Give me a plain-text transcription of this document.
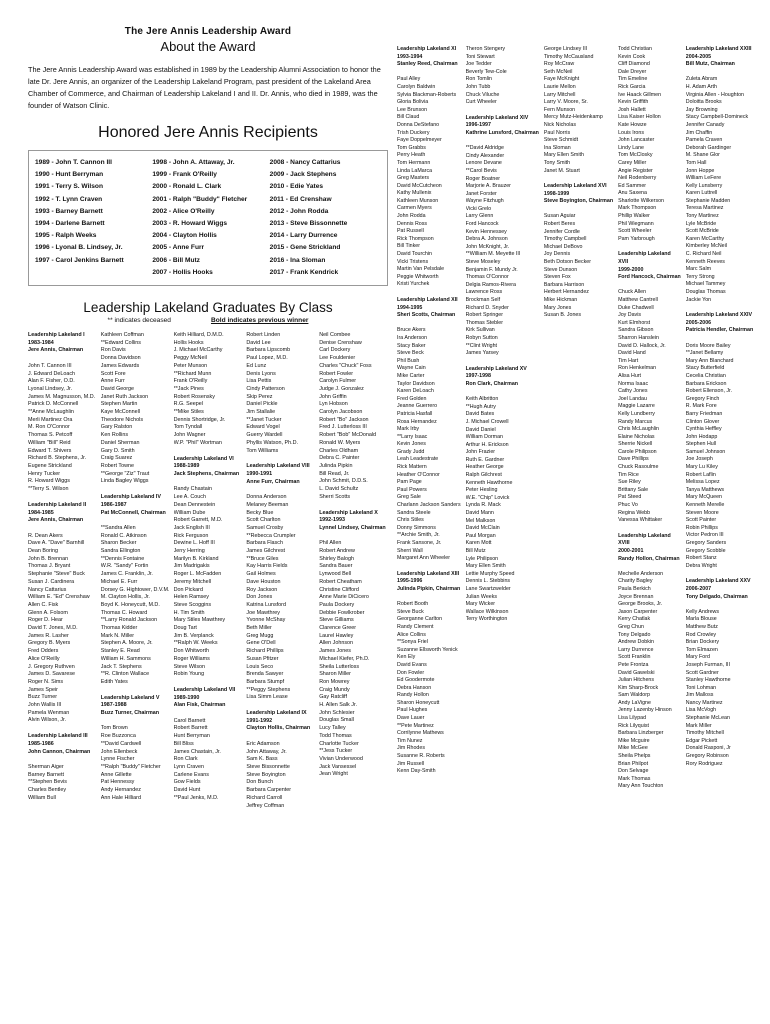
The Jere Annis Leadership Award
About the Award
The Jere Annis Leadership Award was established in 1989 by the Leadership Alumni Association to honor the late Dr. Jere Annis, an organizer of the Leadership Lakeland Program, past president of the Lakeland Area Chamber of Commerce, and Chairman of Leadership Lakeland I and II. Dr. Annis, who died in 1989, was the founder of Watson Clinic.
Honored Jere Annis Recipients
1989 - John T. Cannon III
1990 - Hunt Berryman
1991 - Terry S. Wilson
1992 - T. Lynn Craven
1993 - Barney Barnett
1994 - Darlene Barnett
1995 - Ralph Weeks
1996 - Lyonal B. Lindsey, Jr.
1997 - Carol Jenkins Barnett
1998 - John A. Attaway, Jr.
1999 - Frank O'Reilly
2000 - Ronald L. Clark
2001 - Ralph "Buddy" Fletcher
2002 - Alice O'Reilly
2003 - R. Howard Wiggs
2004 - Clayton Hollis
2005 - Anne Furr
2006 - Bill Mutz
2007 - Hollis Hooks
2008 - Nancy Cattarius
2009 - Jack Stephens
2010 - Edie Yates
2011 - Ed Crenshaw
2012 - John Rodda
2013 - Steve Bissonnette
2014 - Larry Durrence
2015 - Gene Strickland
2016 - Ina Sloman
2017 - Frank Kendrick
Leadership Lakeland Graduates By Class
** indicates deceased	Bold indicates previous winner
Leadership Lakeland I
1983-1984
Jere Annis, Chairman

John T. Cannon III
J. Edward DeLoach
Alan F. Fisher, O.D.
Lyonal Lindsey, Jr.
James M. Magnusson, M.D.
Patrick D. McConnell
**Anne McLaughlin
Merli Martinez Ora
M. Ron O'Connor
Thomas S. Petcoff
William "Bill" Reid
Edward T. Shivers
Richard B. Stephens, Jr.
Eugene Strickland
Henry Tucker
R. Howard Wiggs
**Terry S. Wilson
Leadership Lakeland II
1984-1985
Jere Annis, Chairman

R. Dean Akers
Dave A. "Dave" Barnhill
Dean Boring
John B. Brennan
Thomas J. Bryant
Stephanie "Steve" Buck
Susan J. Cardinera
Nancy Cattarius
William E. "Ed" Crenshaw
Allen C. Fisk
Glenn A. Folsom
Roger D. Hear
David T. Jones, M.D.
James R. Lasher
Gregory B. Myers
Fred Odders
Alice O'Reilly
J. Gregory Ruthven
James D. Savarese
Roger N. Sims
James Speir
Buzz Turner
John Wallis III
Pamela Wenman
Alvin Wilson, Jr.
Leadership Lakeland III
1985-1986
John Cannon, Chairman

Sherman Aiger
Barney Barnett
**Stephen Bevis
Charles Bentley
William Bull
Kathleen Coffman
**Edward Collins
Ron Davis
Donna Davidson
James Edwards
Scott Fore
Anne Furr
David George
Janet Ruth Jackson
Stephen Martin
Kaye McConnell
Theodore Nichols
Gary Ralston
Ken Rollins
Daniel Sherman
Gary D. Smith
Craig Suarez
Robert Towne
**George "Ziz" Traut
Linda Bagley Wiggs
Leadership Lakeland IV
1986-1987
Pat McConnell, Chairman

**Sandra Allen
Ronald C. Atkinson
Sharon Becker
Sandra Ellington
**Dennis Fontaine
W.R. "Sandy" Fortin
James C. Franklin, Jr.
Michael E. Furr
Dorsey G. Hightower, D.V.M.
M. Clayton Hollis, Jr.
Boyd K. Honeycutt, M.D.
Thomas C. Howard
**Larry Ronald Jackson
Thomas Kidder
Mark N. Miller
Stephen A. Moore, Jr.
Stanley E. Read
William H. Sammons
Jack T. Stephens
**R. Clinton Wallace
Edith Yates
Leadership Lakeland V
1987-1988
Buzz Turner, Chairman

Tom Brown
Roe Buzzonca
**David Cardwell
John Ellenbeck
Lynne Fischer
**Ralph "Buddy" Fletcher
Anne Gillette
Pat Hennessy
Andy Hernandez
Ann Hale Hilliard
Keith Hilliard, D.M.D.
Hollis Hooks
J. Michael McCarthy
Peggy McNeil
Peter Munson
**Richard Munn
Frank O'Reilly
**Jack Pines
Robert Rosensky
R.G. Seepel
**Mike Stiles
Dennis Shortridge, Jr.
Tom Tyndall
John Wagner
W.P. "Phil" Wortman
Leadership Lakeland VI
1988-1989
Jack Stephens, Chairman

Randy Chastain
Lee A. Couch
Dean Dennestein
William Dube
Robert Garrett, M.D.
Jack English III
Rick Ferguson
Dewine L. Hoff III
Jerry Herring
Marilyn B. Kirkland
Jim Madrigakis
Roger L. McFadden
Jeremy Mitchell
Don Pickard
Helen Ramsey
Steve Scoggins
H. Tim Smith
Mary Stiles Mawthrey
Doug Tart
Jim B. Verplanck
**Ralph W. Weeks
Don Whitworth
Roger Williams
Steve Wilson
Robin Young
Leadership Lakeland VII
1989-1990
Alan Fisk, Chairman

Carol Barnett
Robert Barrett
Hunt Berryman
Bill Bliss
James Chastain, Jr.
Ron Clark
Lynn Craven
Carlene Evans
Gow Fields
David Hunt
**Paul Jenks, M.D.
Robert Linden
David Lee
Barbara Lipscomb
Paul Lopez, M.D.
Ed Lunz
Denis Lyons
Lisa Pettis
Cindy Patterson
Skip Perez
Daniel Pickle
Jim Stallalie
**Janet Tucker
Edward Vogel
Guerry Wardell
Phyllis Watson, Ph.D.
Tom Williams
Leadership Lakeland VIII
1990-1991
Anne Furr, Chairman

Donna Anderson
Melaney Beeman
Becky Blue
Scott Charlton
Samuel Crosby
**Rebecca Crumpler
Barbara Flasch
James Gilchrest
**Bruce Giles
Kay Harris Fields
Gail Holmes
Dave Houston
Roy Jackson
Don Jones
Katrina Lunsford
Joe Mawthrey
Yvonne McShay
Beth Miller
Greg Mugg
Gene O'Dell
Richard Phillips
Susan Pfitzer
Louis Seco
Brenda Sawyer
Barbara Stumpf
**Peggy Stephens
Lisa Simm Lease
Leadership Lakeland IX
1991-1992
Clayton Hollis, Chairman

Eric Adamson
John Attaway, Jr.
Sam K. Bass
Steve Bissonnette
Steve Boyington
Don Bunch
Barbara Carpenter
Richard Carroll
Jeffrey Coffman
Neil Combee
Denise Crenshaw
Carl Dockery
Lee Fouldenier
Charles "Chuck" Foss
Robert Fowler
Carolyn Fulmer
Judge J. Gonzalez
John Griffin
Lyn Hobson
Carolyn Jacobson
Robert "Bo" Jackson
Fred J. Lutterloss III
Robert "Bob" McDonald
Ronald W. Myers
Charles Oldham
Debra C. Painter
Julinda Pipkin
Bill Read, Jr.
John Schmit, D.D.S.
L. David Schultz
Sherri Scotts
Leadership Lakeland X
1992-1993
Lynnel Lindsey, Chairman

Phil Allen
Robert Andrew
Shirley Balogh
Sandra Bauer
Lynwood Bell
Robert Cheatham
Christine Clifford
Anne Marie DiCicero
Paula Dockery
Debbie Fowlkrober
Steve Gilliams
Clarence Greer
Laurel Hawley
Allen Johnson
James Jones
Michael Kiefer, Ph.D.
Sheila Lutterloss
Sharon Miller
Ron Mowrey
Craig Mundy
Gay Ratcliff
H. Allen Salk Jr.
John Schlesier
Douglas Small
Lucy Talley
Todd Thomas
Charlotte Tucker
**Jess Tucker
Vivian Underwood
Jack Vansessel
Jean Wright
Leadership Lakeland XI
1993-1994
Stanley Reed, Chairman

Paul Alley
Carolyn Baldwin
Sylvia Blackman-Roberts
Gloria Bolivia
Lee Brunson
Bill Claud
Donna DeStefano
Trish Duckery
Faye Doppelmeyer
Tom Grabbs
Perry Heath
Tom Hermann
Linda LaMarca
Greg Masters
David McCutcheon
Kathy Mullenix
Kathleen Munson
Carmen Myers
John Rodda
Dennis Ross
Pat Russell
Rick Thompson
Bill Tinker
David Tourchin
Vicki Tristens
Martin Van Pelsdale
Peggie Whitworth
Kristi Yurchek
Leadership Lakeland XII
1994-1995
Sheri Scotts, Chairman

Bruce Akers
Ira Anderson
Stacy Baker
Steve Beck
Phil Bush
Wayne Cain
Mike Carter
Taylor Davidson
Karen DeLoach
Fred Golden
Jeanne Guerrero
Patricia Hasfall
Rosa Hernandez
Mark Irby
**Larry Isaac
Kevin Jones
Grady Judd
Leah Leadestrate
Rick Mattern
Heather O'Connor
Pam Page
Paul Powers
Greg Sale
Charlann Jackson Sanders
Sandra Steele
Chris Stiles
Donny Simmons
**Archie Smith, Jr.
Frank Sansone, Jr.
Sherri Wall
Margaret Ann Wheeler
Leadership Lakeland XIII
1995-1996
Julinda Pipkin, Chairman

Robert Booth
Steve Buck
Georganne Carlton
Randy Clement
Alice Collins
**Sonya Friel
Suzanne Ellsworth Yenick
Ken Ely
David Evans
Don Fowler
Ed Goodermote
Debra Hanson
Randy Hollon
Sharon Honeycutt
Paul Hughes
Dave Lauer
**Pete Martinez
Corrilynne Mathews
Tim Nunez
Jim Rhodes
Susanne R. Roberts
Jim Russell
Kenn Day-Smith
Theron Stengery
Toni Stewart
Joe Tedder
Beverly Tew-Cole
Ron Tomlin
John Tubb
Chuck Viluche
Curt Wheeler
Leadership Lakeland XIV
1996-1997
Kathrine Lunsford, Chairman

**David Aldridge
Cindy Alexander
Lenore Devane
**Carol Bevis
Roger Boatner
Marjorie A. Brauzer
Janet Forster
Wayne Fitzhugh
Vicki Grelo
Larry Glenn
Ford Hancock
Kevin Hennessey
Debra A. Johnson
John McKnight, Jr.
**William M. Meyette III
Steve Moseley
Benjamin F. Mundy Jr.
Thomas O'Connor
Delgia Ramos-Rivera
Lawrence Ross
Brockman Self
Richard D. Snyder
Robert Springer
Thomas Stebler
Kirk Sullivan
Robyn Sutton
**Clint Wright
James Yarsey
Leadership Lakeland XV
1997-1998
Ron Clark, Chairman

Keith Albritton
**Hugh Autry
David Bates
J. Michael Crowell
David Daniel
William Dorman
Arthur H. Erickson
John Frazier
Ruth E. Gardner
Heather George
Ralph Gilchrest
Kenneth Hawthorne
Peter Hesling
W.E. "Chip" Lovick
Lynda R. Mack
David Mann
Mel Malkson
David McClain
Paul Morgan
Karen Mott
Bill Mutz
Lyle Philipson
Mary Ellen Smith
Lettie Murphy Speed
Dennis L. Stebbins
Lane Swartzwelder
Julian Weeks
Mary Wicker
Wallace Wilkinson
Terry Worthington
George Lindsey III
Timothy McCausland
Roy McCraw
Seth McNeil
Faye McKnight
Laurie Mellon
Larry Mitchell
Larry V. Moore, Sr.
Fern Munson
Mercy Mutz-Heidenkamp
Nick Nicholas
Paul Norris
Steve Schmidt
Ina Sloman
Mary Ellen Smith
Tony Smith
Janet M. Stuart
Leadership Lakeland XVI
1998-1999
Steve Boyington, Chairman

Susan Aguiar
Robert Beres
Jennifer Cordle
Timothy Campbell
Michael DeBovo
Joy Dennis
Beth Dotson Becker
Steve Dunson
Steven Fox
Barbara Harrison
Herbert Hernandez
Mike Hickman
Mary Jones
Susan B. Jones
Todd Christian
Kevin Cook
Cliff Diamond
Dale Dreyer
Tim Emeline
Rick Garcia
Ive Haack Gillmen
Kevin Griffith
Josh Hallett
Lisa Kaiser Hollon
Kate Howze
Louis Irons
John Lancaster
Lindy Lane
Tom McClosky
Carey Miller
Angie Register
Neil Rodenberry
Ed Sammer
Anu Saxena
Sharlotte Wilkerson
Mark Thompson
Phillip Walker
Phil Wiegmann
Scott Wheeler
Pam Yarbrough
Leadership Lakeland XVII
1999-2000
Ford Hancock, Chairman

Chuck Allen
Matthew Cantrell
Duke Chadwell
Joy Davis
Kurt Elmhorst
Sandra Gibson
Sharron Hanslein
David D. Hallock, Jr.
David Hand
Tim Hart
Ron Henkelman
Alisa Hurt
Norma Isaac
Cathy Jones
Joel Landau
Maggie Lazarre
Kelly Lundberry
Randy Marcus
Chris McLaughlin
Elaine Nicholas
Sherrie Nickell
Carole Philipson
Dave Phillips
Chuck Rasoulme
Tim Rice
Sue Riley
Brittany Sale
Pat Steed
Phuc Vo
Regina Webb
Vanessa Whittaker
Leadership Lakeland XVIII
2000-2001
Randy Hollon, Chairman

Mechelle Anderson
Charity Bagley
Paula Berkich
Joyce Brennan
George Brooks, Jr.
Jason Carpenter
Kerry Chatlak
Greg Chun
Tony Delgado
Andrew Dobkin
Larry Durrence
Scott Franklin
Pete Frontza
David Gawelski
Julian Hitchens
Kim Sharp-Brock
Sam Waldorp
Andy LaVigne
Jenny Lazenby Hinson
Lisa Lilypad
Rick Lilyquist
Barbara Linzberger
Mike Mcguire
Mike McGee
Sheila Phelps
Brian Philpot
Don Selvage
Mark Thomas
Mary Ann Touchton
Leadership Lakeland XXIII
2004-2005
Bill Mutz, Chairman

Zuleta Abram
H. Adam Arth
Virginia Allen - Houghton
Doloitta Brooks
Jay Browning
Stacy Campbell-Domineck
Jennifer Canady
Jim Chaffin
Pamela Craven
Deborah Gardinger
M. Shane Glor
Tom Hall
Jonn Hoppe
William LeFere
Kelly Lunsberry
Karen Luttrell
Stephanie Madden
Teresa Martinez
Tony Martinez
Lyle McBride
Scott McBride
Karen McCarthy
Kimberley McNeil
C. Richard Neil
Kenneth Reeves
Marc Salm
Terry Strong
Michael Tammey
Douglas Thomas
Jackie Yon
Leadership Lakeland XXIV
2005-2006
Patricia Hendler, Chairman

Doris Moore Bailey
**Janet Bellamy
Mary Ann Blanchard
Stacy Butterfield
Cecelia Christian
Barbara Erickson
Robert Ellenson, Jr.
Gregory Finch
R. Mark Fore
Barry Friedman
Clinton Glover
Cynthia Heffley
John Hodapp
Stephen Hull
Samuel Johnson
Joe Joseph
Mary Lu Kiley
Robert Laflin
Melissa Lopez
Tanya Matthews
Mary McQueen
Kenneth Merelle
Steven Moore
Scott Painter
Robin Phillips
Victor Pedron III
Gregory Sanders
Gregory Scobble
Robert Stanz
Debra Wright
Leadership Lakeland XXV
2006-2007
Tony Delgado, Chairman

Kelly Andrews
Marla Blouse
Matthew Butz
Rod Crowley
Brian Dockery
Tom Elmazen
Mary Ford
Joseph Furman, III
Scott Gardner
Stanley Hawthorne
Toni Lohman
Jim Malloss
Nancy Martinez
Lisa McVogh
Stephanie McLean
Mark Miller
Timothy Mitchell
Edgar Pickett
Donald Rasponi, Jr
Gregory Robinson
Rory Rodriguez
